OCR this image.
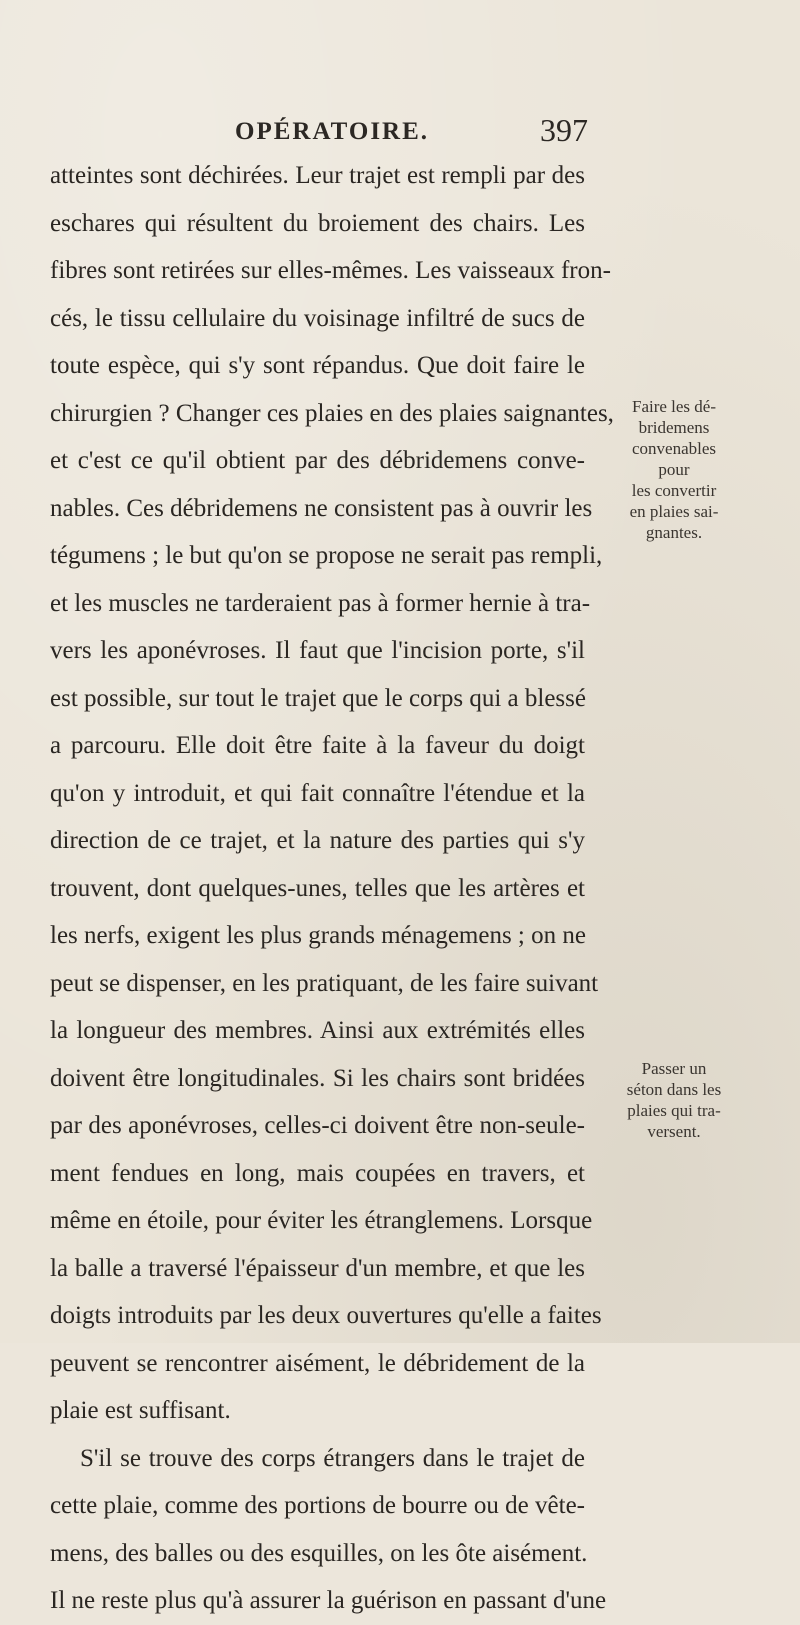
OPÉRATOIRE.	397
atteintes sont déchirées. Leur trajet est rempli par des
eschares qui résultent du broiement des chairs. Les
fibres sont retirées sur elles-mêmes. Les vaisseaux fron-
cés, le tissu cellulaire du voisinage infiltré de sucs de
toute espèce, qui s'y sont répandus. Que doit faire le
chirurgien ? Changer ces plaies en des plaies saignantes,
et c'est ce qu'il obtient par des débridemens conve-
nables. Ces débridemens ne consistent pas à ouvrir les
tégumens ; le but qu'on se propose ne serait pas rempli,
et les muscles ne tarderaient pas à former hernie à tra-
vers les aponévroses. Il faut que l'incision porte, s'il
est possible, sur tout le trajet que le corps qui a blessé
a parcouru. Elle doit être faite à la faveur du doigt
qu'on y introduit, et qui fait connaître l'étendue et la
direction de ce trajet, et la nature des parties qui s'y
trouvent, dont quelques-unes, telles que les artères et
les nerfs, exigent les plus grands ménagemens ; on ne
peut se dispenser, en les pratiquant, de les faire suivant
la longueur des membres. Ainsi aux extrémités elles
doivent être longitudinales. Si les chairs sont bridées
par des aponévroses, celles-ci doivent être non-seule-
ment fendues en long, mais coupées en travers, et
même en étoile, pour éviter les étranglemens. Lorsque
la balle a traversé l'épaisseur d'un membre, et que les
doigts introduits par les deux ouvertures qu'elle a faites
peuvent se rencontrer aisément, le débridement de la
plaie est suffisant.
S'il se trouve des corps étrangers dans le trajet de
cette plaie, comme des portions de bourre ou de vête-
mens, des balles ou des esquilles, on les ôte aisément.
Il ne reste plus qu'à assurer la guérison en passant d'une
Faire les dé-
bridemens
convenables
pour
les convertir
en plaies sai-
gnantes.
Passer un
séton dans les
plaies qui tra-
versent.
